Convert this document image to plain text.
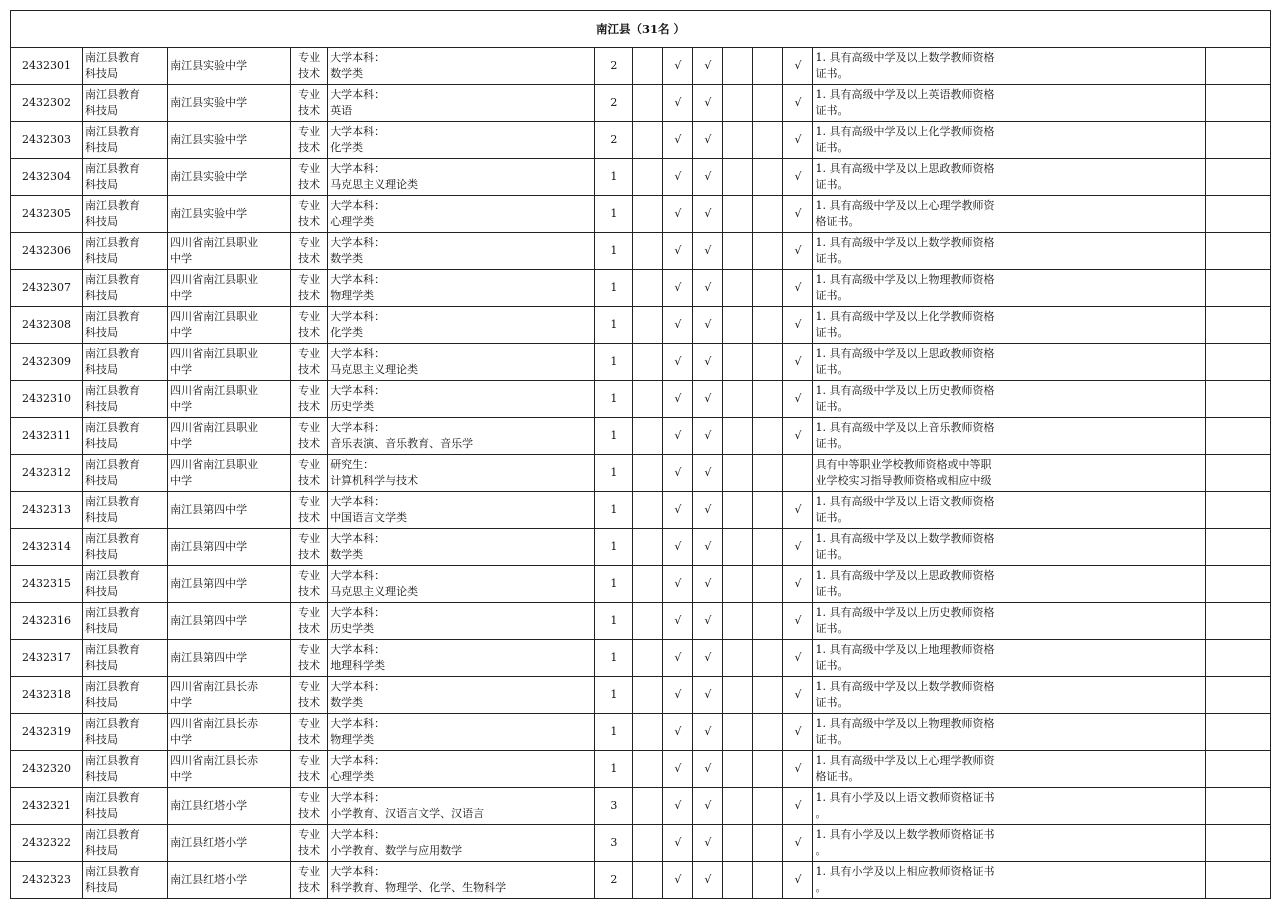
南江县（31名 ）													
2432301	南江县教育
科技局	南江县实验中学	专业
技术	大学本科：
数学类	2		√	√			√	1. 具有高级中学及以上数学教师资格
证书。	

2432302	南江县教育
科技局	南江县实验中学	专业
技术	大学本科：
英语	2		√	√			√	1. 具有高级中学及以上英语教师资格
证书。	

2432303	南江县教育
科技局	南江县实验中学	专业
技术	大学本科：
化学类	2		√	√			√	1. 具有高级中学及以上化学教师资格
证书。	

2432304	南江县教育
科技局	南江县实验中学	专业
技术	大学本科：
马克思主义理论类	1		√	√			√	1. 具有高级中学及以上思政教师资格
证书。	

2432305	南江县教育
科技局	南江县实验中学	专业
技术	大学本科：
心理学类	1		√	√			√	1. 具有高级中学及以上心理学教师资
格证书。	

2432306	南江县教育
科技局	四川省南江县职业
中学	专业
技术	大学本科：
数学类	1		√	√			√	1. 具有高级中学及以上数学教师资格
证书。	

2432307	南江县教育
科技局	四川省南江县职业
中学	专业
技术	大学本科：
物理学类	1		√	√			√	1. 具有高级中学及以上物理教师资格
证书。	

2432308	南江县教育
科技局	四川省南江县职业
中学	专业
技术	大学本科：
化学类	1		√	√			√	1. 具有高级中学及以上化学教师资格
证书。	

2432309	南江县教育
科技局	四川省南江县职业
中学	专业
技术	大学本科：
马克思主义理论类	1		√	√			√	1. 具有高级中学及以上思政教师资格
证书。	

2432310	南江县教育
科技局	四川省南江县职业
中学	专业
技术	大学本科：
历史学类	1		√	√			√	1. 具有高级中学及以上历史教师资格
证书。	

2432311	南江县教育
科技局	四川省南江县职业
中学	专业
技术	大学本科：
音乐表演、音乐教育、音乐学	1		√	√			√	1. 具有高级中学及以上音乐教师资格
证书。	

2432312	南江县教育
科技局	四川省南江县职业
中学	专业
技术	研究生：
计算机科学与技术	1		√	√				具有中等职业学校教师资格或中等职
业学校实习指导教师资格或相应中级	

2432313	南江县教育
科技局	南江县第四中学	专业
技术	大学本科：
中国语言文学类	1		√	√			√	1. 具有高级中学及以上语文教师资格
证书。	

2432314	南江县教育
科技局	南江县第四中学	专业
技术	大学本科：
数学类	1		√	√			√	1. 具有高级中学及以上数学教师资格
证书。	

2432315	南江县教育
科技局	南江县第四中学	专业
技术	大学本科：
马克思主义理论类	1		√	√			√	1. 具有高级中学及以上思政教师资格
证书。	

2432316	南江县教育
科技局	南江县第四中学	专业
技术	大学本科：
历史学类	1		√	√			√	1. 具有高级中学及以上历史教师资格
证书。	

2432317	南江县教育
科技局	南江县第四中学	专业
技术	大学本科：
地理科学类	1		√	√			√	1. 具有高级中学及以上地理教师资格
证书。	

2432318	南江县教育
科技局	四川省南江县长赤
中学	专业
技术	大学本科：
数学类	1		√	√			√	1. 具有高级中学及以上数学教师资格
证书。	

2432319	南江县教育
科技局	四川省南江县长赤
中学	专业
技术	大学本科：
物理学类	1		√	√			√	1. 具有高级中学及以上物理教师资格
证书。	

2432320	南江县教育
科技局	四川省南江县长赤
中学	专业
技术	大学本科：
心理学类	1		√	√			√	1. 具有高级中学及以上心理学教师资
格证书。	

2432321	南江县教育
科技局	南江县红塔小学	专业
技术	大学本科：
小学教育、汉语言文学、汉语言	3		√	√			√	1. 具有小学及以上语文教师资格证书
。	

2432322	南江县教育
科技局	南江县红塔小学	专业
技术	大学本科：
小学教育、数学与应用数学	3		√	√			√	1. 具有小学及以上数学教师资格证书
。	

2432323	南江县教育
科技局	南江县红塔小学	专业
技术	大学本科：
科学教育、物理学、化学、生物科学	2		√	√			√	1. 具有小学及以上相应教师资格证书
。	
